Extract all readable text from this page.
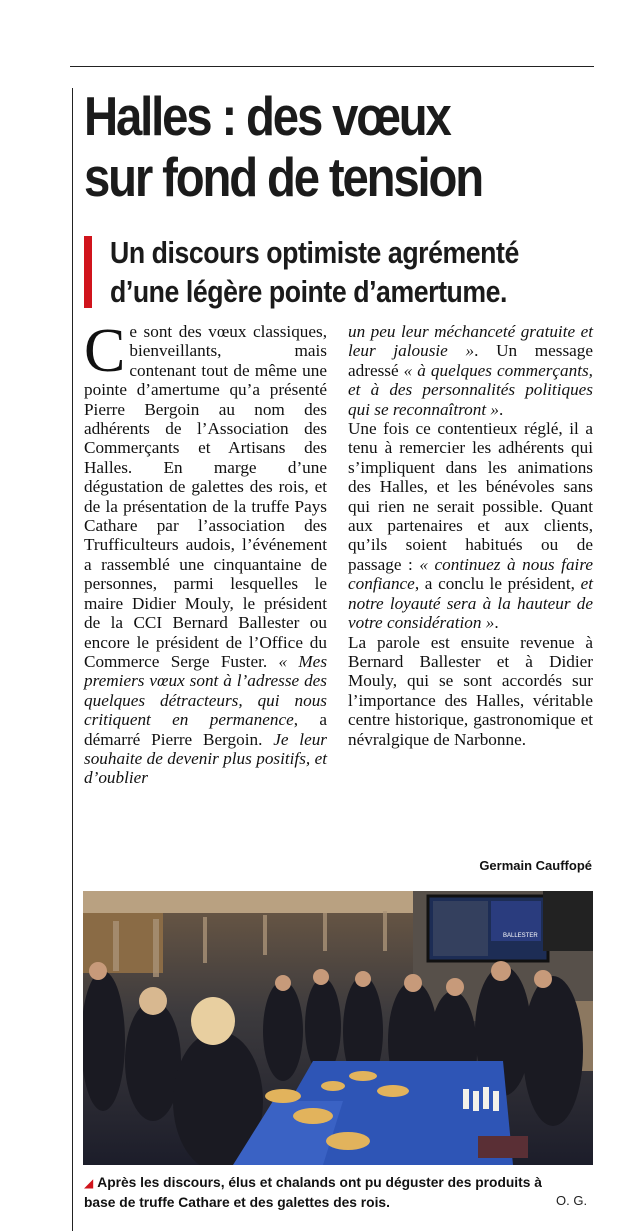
Halles : des vœux
sur fond de tension
Un discours optimiste agrémenté
d’une légère pointe d’amertume.

Ce sont des vœux classiques, bienveillants, mais contenant tout de même une pointe d’amertume qu’a présenté Pierre Bergoin au nom des adhérents de l’Association des Commerçants et Artisans des Halles. En marge d’une dégustation de galettes des rois, et de la présentation de la truffe Pays Cathare par l’association des Trufficulteurs audois, l’événement a rassemblé une cinquantaine de personnes, parmi lesquelles le maire Didier Mouly, le président de la CCI Bernard Ballester ou encore le président de l’Office du Commerce Serge Fuster. « Mes premiers vœux sont à l’adresse des quelques détracteurs, qui nous critiquent en permanence, a démarré Pierre Bergoin. Je leur souhaite de devenir plus positifs, et d’oublier

un peu leur méchanceté gratuite et leur jalousie ». Un message adressé « à quelques commerçants, et à des personnalités politiques qui se reconnaîtront ».

Une fois ce contentieux réglé, il a tenu à remercier les adhérents qui s’impliquent dans les animations des Halles, et les bénévoles sans qui rien ne serait possible. Quant aux partenaires et aux clients, qu’ils soient habitués ou de passage : « continuez à nous faire confiance, a conclu le président, et notre loyauté sera à la hauteur de votre considération ».

La parole est ensuite revenue à Bernard Ballester et à Didier Mouly, qui se sont accordés sur l’importance des Halles, véritable centre historique, gastronomique et névralgique de Narbonne.

Germain Cauffopé
BALLESTER
◢ Après les discours, élus et chalands ont pu déguster des produits à base de truffe Cathare et des galettes des rois.	O. G.
